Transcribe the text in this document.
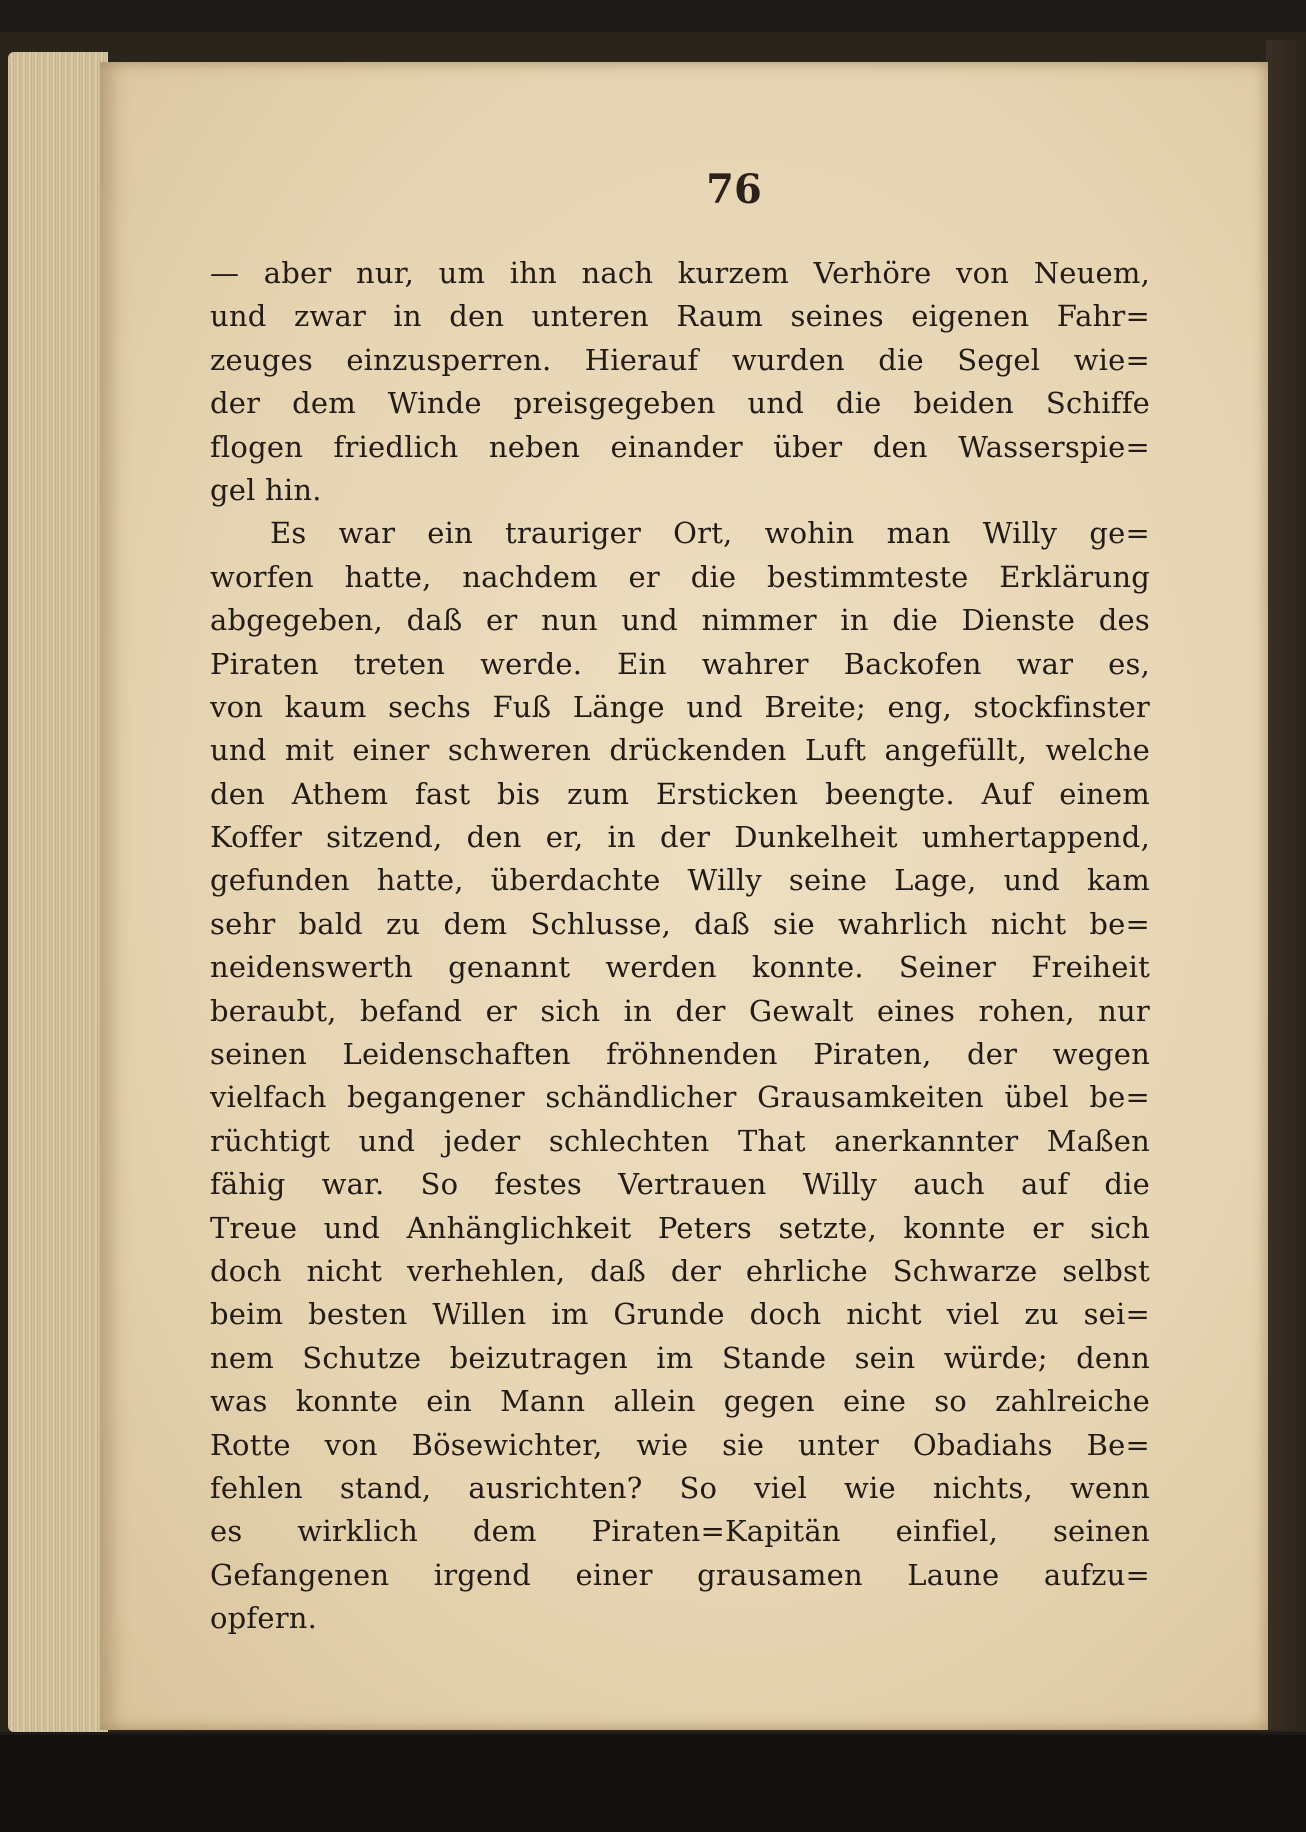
76
— aber nur, um ihn nach kurzem Verhöre von Neuem,
und zwar in den unteren Raum seines eigenen Fahr=
zeuges einzusperren. Hierauf wurden die Segel wie=
der dem Winde preisgegeben und die beiden Schiffe
flogen friedlich neben einander über den Wasserspie=
gel hin.
Es war ein trauriger Ort, wohin man Willy ge=
worfen hatte, nachdem er die bestimmteste Erklärung
abgegeben, daß er nun und nimmer in die Dienste des
Piraten treten werde. Ein wahrer Backofen war es,
von kaum sechs Fuß Länge und Breite; eng, stockfinster
und mit einer schweren drückenden Luft angefüllt, welche
den Athem fast bis zum Ersticken beengte. Auf einem
Koffer sitzend, den er, in der Dunkelheit umhertappend,
gefunden hatte, überdachte Willy seine Lage, und kam
sehr bald zu dem Schlusse, daß sie wahrlich nicht be=
neidenswerth genannt werden konnte. Seiner Freiheit
beraubt, befand er sich in der Gewalt eines rohen, nur
seinen Leidenschaften fröhnenden Piraten, der wegen
vielfach begangener schändlicher Grausamkeiten übel be=
rüchtigt und jeder schlechten That anerkannter Maßen
fähig war. So festes Vertrauen Willy auch auf die
Treue und Anhänglichkeit Peters setzte, konnte er sich
doch nicht verhehlen, daß der ehrliche Schwarze selbst
beim besten Willen im Grunde doch nicht viel zu sei=
nem Schutze beizutragen im Stande sein würde; denn
was konnte ein Mann allein gegen eine so zahlreiche
Rotte von Bösewichter, wie sie unter Obadiahs Be=
fehlen stand, ausrichten? So viel wie nichts, wenn
es wirklich dem Piraten=Kapitän einfiel, seinen
Gefangenen irgend einer grausamen Laune aufzu=
opfern.
